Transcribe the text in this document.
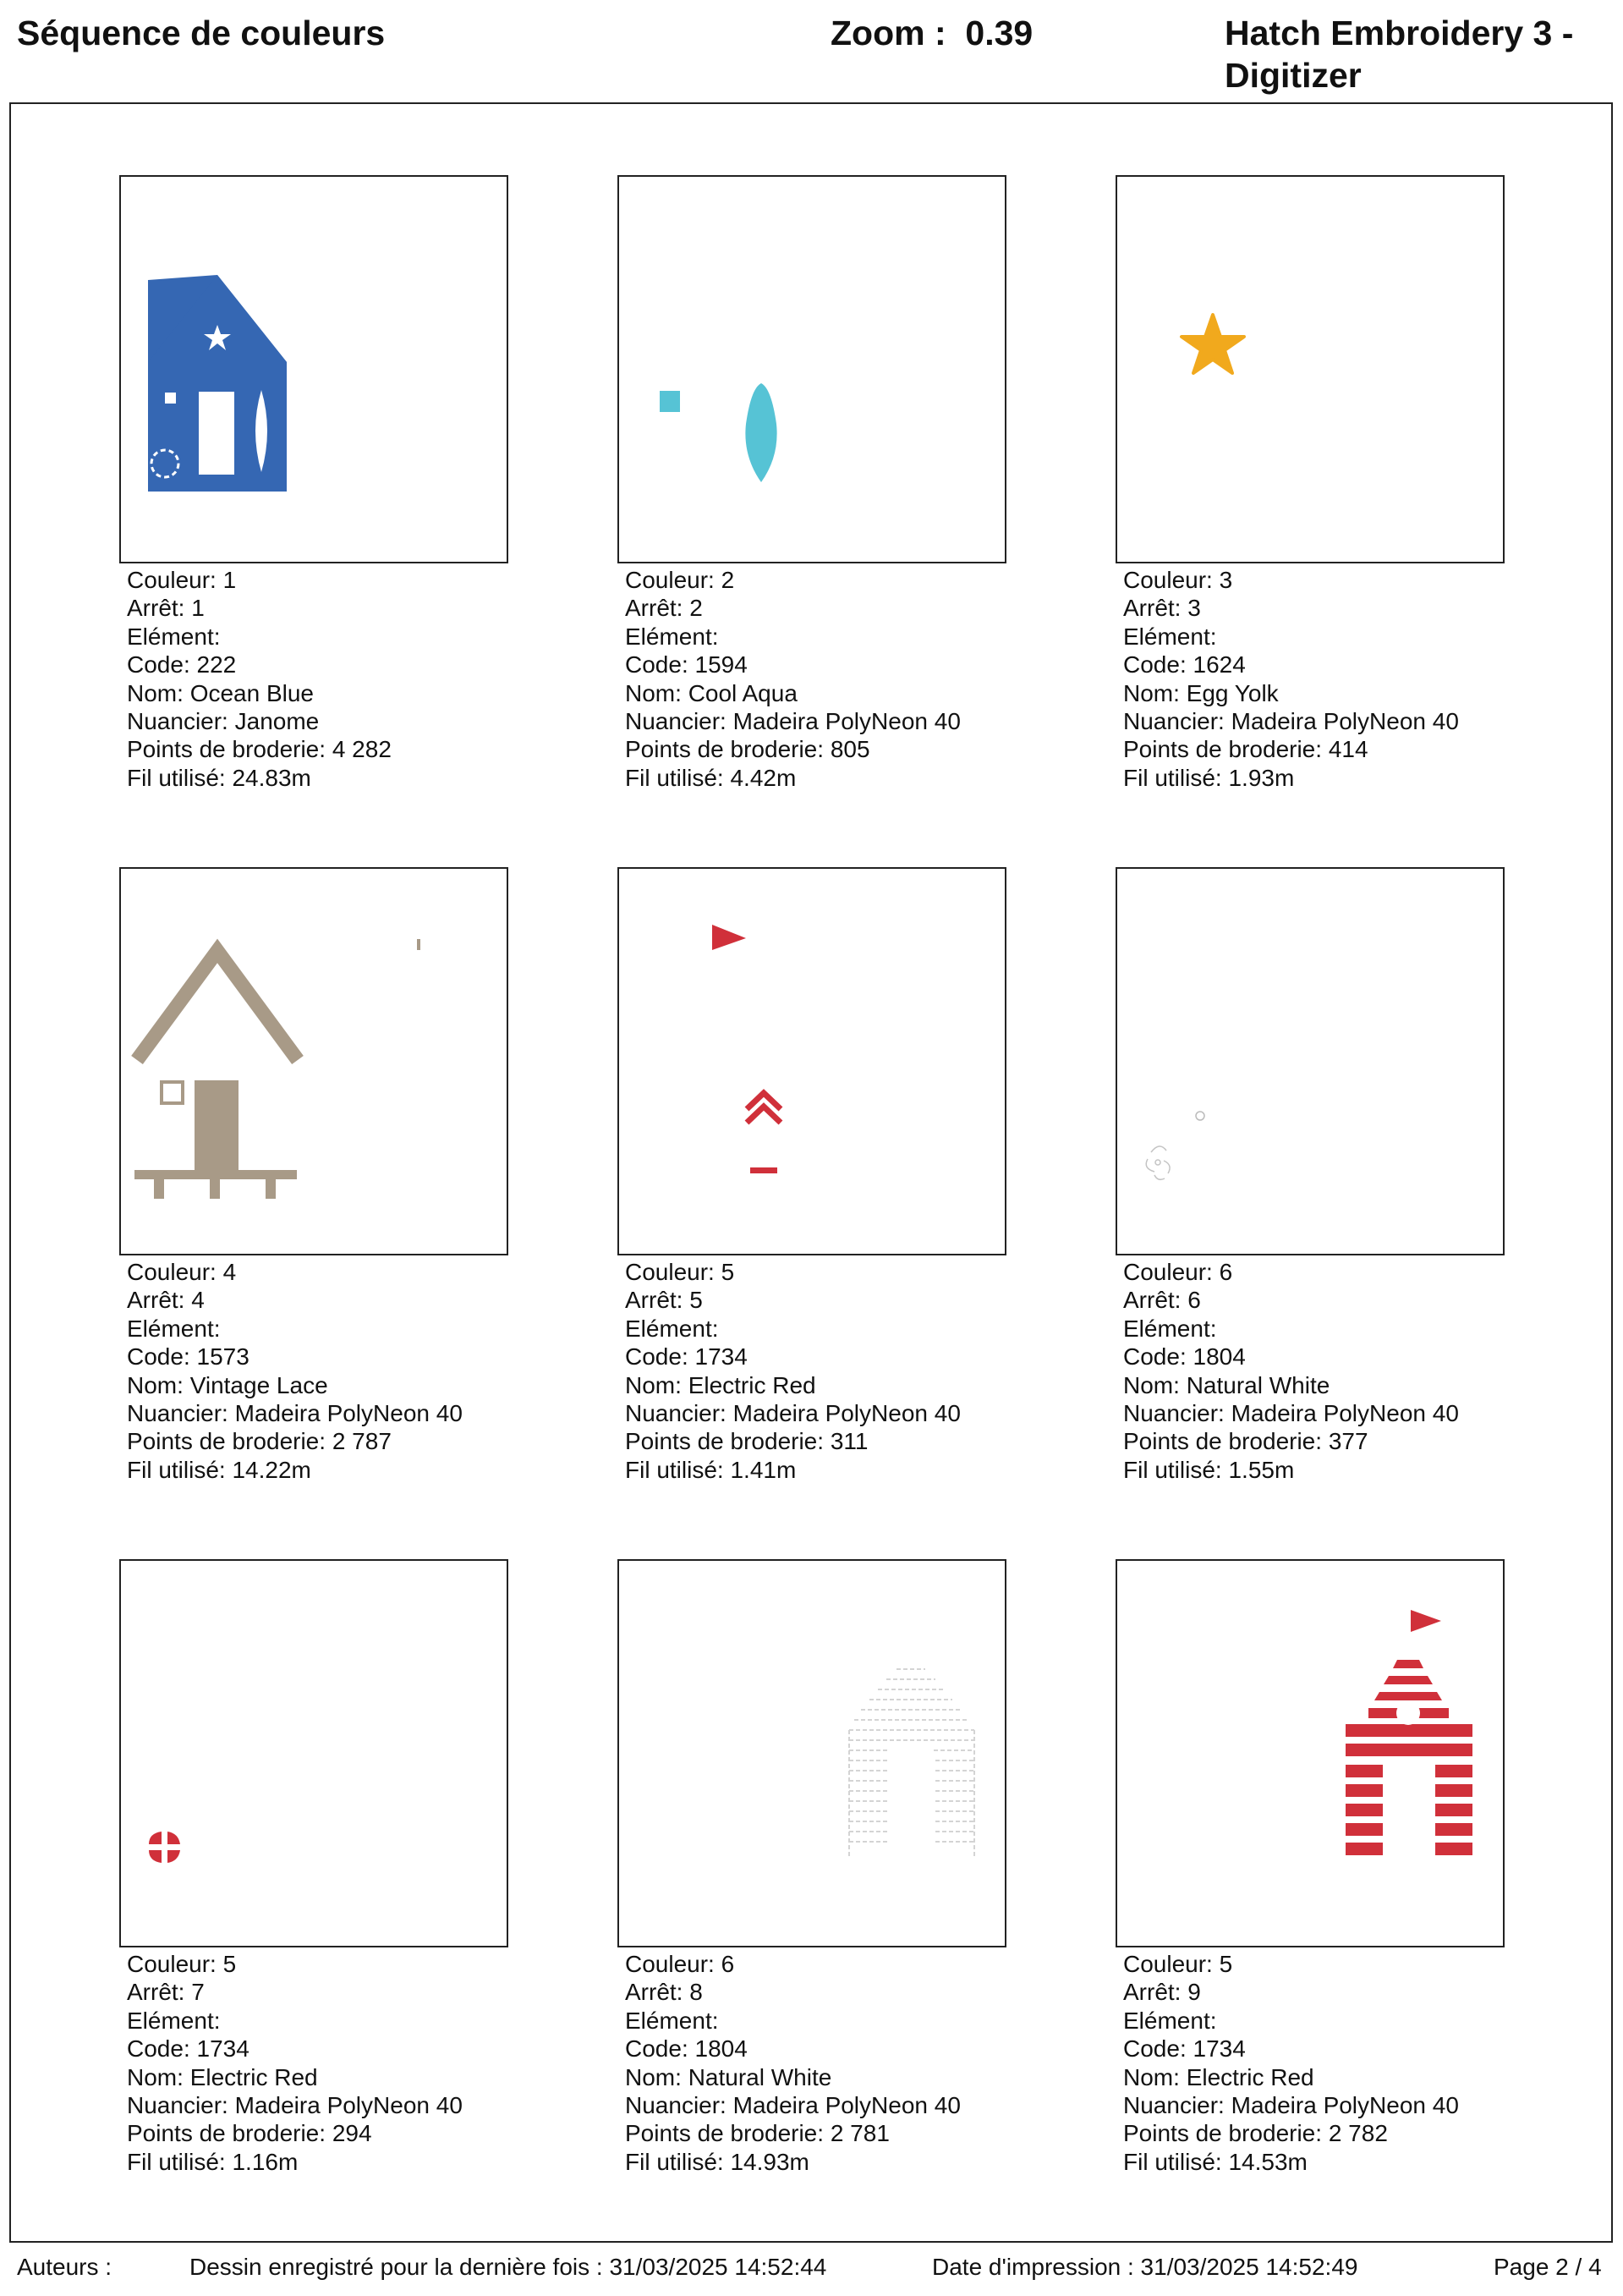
Séquence de couleurs	Zoom :  0.39	Hatch Embroidery 3 - Digitizer
Couleur: 1
Arrêt: 1
Elément:
Code: 222
Nom: Ocean Blue
Nuancier: Janome
Points de broderie: 4 282
Fil utilisé: 24.83m
Couleur: 2
Arrêt: 2
Elément:
Code: 1594
Nom: Cool Aqua
Nuancier: Madeira PolyNeon 40
Points de broderie: 805
Fil utilisé: 4.42m
Couleur: 3
Arrêt: 3
Elément:
Code: 1624
Nom: Egg Yolk
Nuancier: Madeira PolyNeon 40
Points de broderie: 414
Fil utilisé: 1.93m
Couleur: 4
Arrêt: 4
Elément:
Code: 1573
Nom: Vintage Lace
Nuancier: Madeira PolyNeon 40
Points de broderie: 2 787
Fil utilisé: 14.22m
Couleur: 5
Arrêt: 5
Elément:
Code: 1734
Nom: Electric Red
Nuancier: Madeira PolyNeon 40
Points de broderie: 311
Fil utilisé: 1.41m
Couleur: 6
Arrêt: 6
Elément:
Code: 1804
Nom: Natural White
Nuancier: Madeira PolyNeon 40
Points de broderie: 377
Fil utilisé: 1.55m
Couleur: 5
Arrêt: 7
Elément:
Code: 1734
Nom: Electric Red
Nuancier: Madeira PolyNeon 40
Points de broderie: 294
Fil utilisé: 1.16m
Couleur: 6
Arrêt: 8
Elément:
Code: 1804
Nom: Natural White
Nuancier: Madeira PolyNeon 40
Points de broderie: 2 781
Fil utilisé: 14.93m
Couleur: 5
Arrêt: 9
Elément:
Code: 1734
Nom: Electric Red
Nuancier: Madeira PolyNeon 40
Points de broderie: 2 782
Fil utilisé: 14.53m
Auteurs :	Dessin enregistré pour la dernière fois : 31/03/2025 14:52:44	Date d'impression : 31/03/2025 14:52:49	Page 2 / 4
